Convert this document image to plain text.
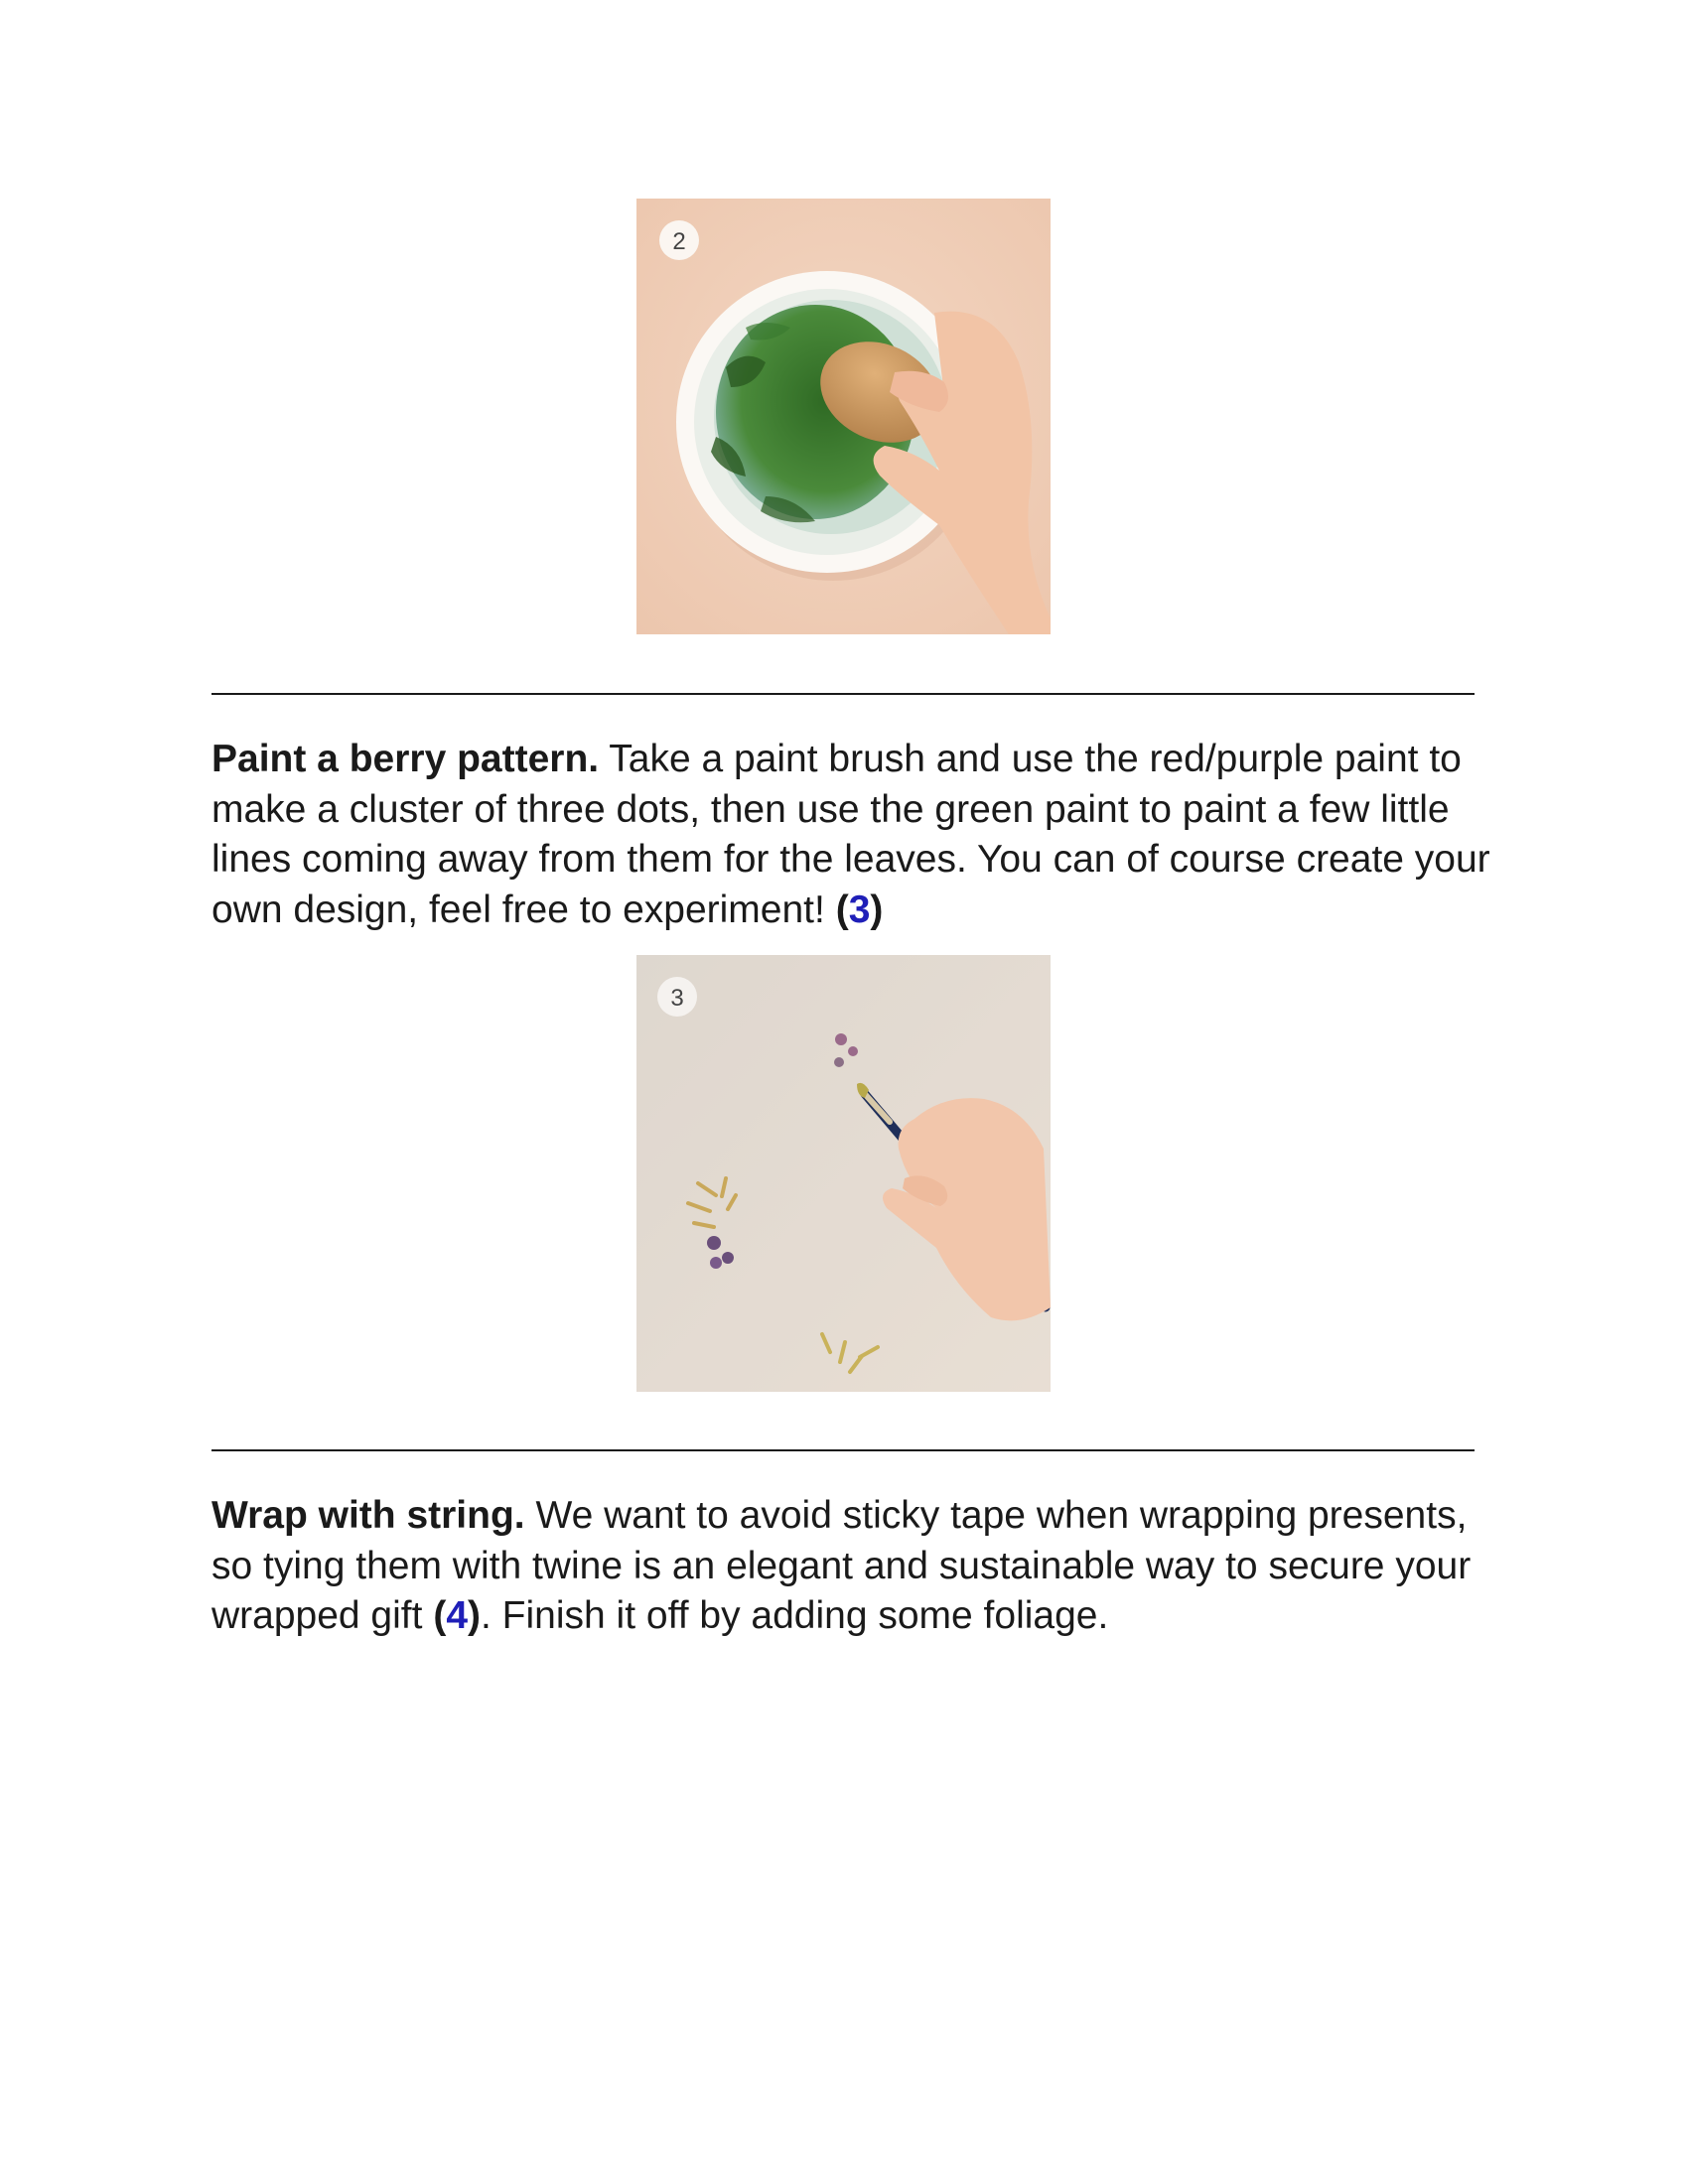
2

Paint a berry pattern. Take a paint brush and use the red/purple paint to make a cluster of three dots, then use the green paint to paint a few little lines coming away from them for the leaves. You can of course create your own design, feel free to experiment! (3)

3

Wrap with string. We want to avoid sticky tape when wrapping presents, so tying them with twine is an elegant and sustainable way to secure your wrapped gift (4). Finish it off by adding some foliage.
